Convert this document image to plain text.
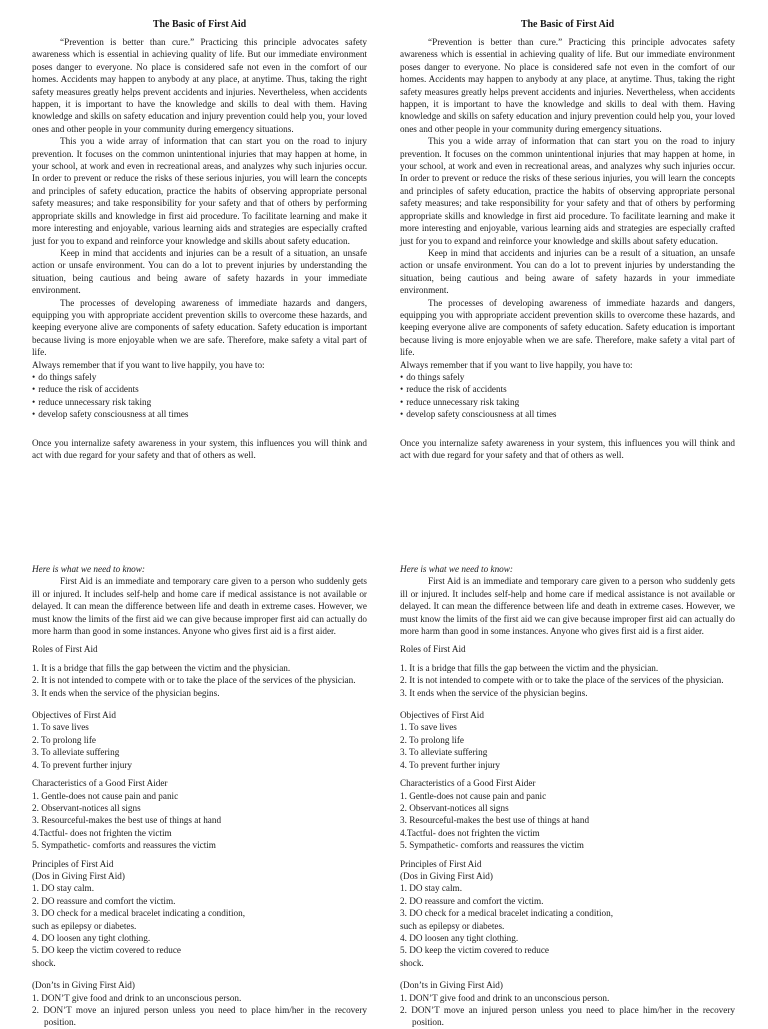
The Basic of First Aid

“Prevention is better than cure.” Practicing this principle advocates safety awareness which is essential in achieving quality of life. But our immediate environment poses danger to everyone. No place is considered safe not even in the comfort of our homes. Accidents may happen to anybody at any place, at anytime. Thus, taking the right safety measures greatly helps prevent accidents and injuries. Nevertheless, when accidents happen, it is important to have the knowledge and skills to deal with them. Having knowledge and skills on safety education and injury prevention could help you, your loved ones and other people in your community during emergency situations.

This you a wide array of information that can start you on the road to injury prevention. It focuses on the common unintentional injuries that may happen at home, in your school, at work and even in recreational areas, and analyzes why such injuries occur. In order to prevent or reduce the risks of these serious injuries, you will learn the concepts and principles of safety education, practice the habits of observing appropriate personal safety measures; and take responsibility for your safety and that of others by performing appropriate skills and knowledge in first aid procedure. To facilitate learning and make it more interesting and enjoyable, various learning aids and strategies are especially crafted just for you to expand and reinforce your knowledge and skills about safety education.

Keep in mind that accidents and injuries can be a result of a situation, an unsafe action or unsafe environment. You can do a lot to prevent injuries by understanding the situation, being cautious and being aware of safety hazards in your immediate environment.

The processes of developing awareness of immediate hazards and dangers, equipping you with appropriate accident prevention skills to overcome these hazards, and keeping everyone alive are components of safety education. Safety education is important because living is more enjoyable when we are safe. Therefore, make safety a vital part of life.

Always remember that if you want to live happily, you have to:

• do things safely
• reduce the risk of accidents
• reduce unnecessary risk taking
• develop safety consciousness at all times

Once you internalize safety awareness in your system, this influences you will think and act with due regard for your safety and that of others as well.

Here is what we need to know:

First Aid is an immediate and temporary care given to a person who suddenly gets ill or injured. It includes self-help and home care if medical assistance is not available or delayed. It can mean the difference between life and death in extreme cases. However, we must know the limits of the first aid we can give because improper first aid can actually do more harm than good in some instances. Anyone who gives first aid is a first aider.

Roles of First Aid
1. It is a bridge that fills the gap between the victim and the physician.
2. It is not intended to compete with or to take the place of the services of the physician.
3. It ends when the service of the physician begins.
Objectives of First Aid
1. To save lives
2. To prolong life
3. To alleviate suffering
4. To prevent further injury
Characteristics of a Good First Aider
1. Gentle-does not cause pain and panic
2. Observant-notices all signs
3. Resourceful-makes the best use of things at hand
4.Tactful- does not frighten the victim
5. Sympathetic- comforts and reassures the victim
Principles of First Aid
(Dos in Giving First Aid)
1. DO stay calm.
2. DO reassure and comfort the victim.
3. DO check for a medical bracelet indicating a condition,
such as epilepsy or diabetes.
4. DO loosen any tight clothing.
5. DO keep the victim covered to reduce
shock.
(Don’ts in Giving First Aid)
1. DON’T give food and drink to an unconscious person.
2. DON’T move an injured person unless you need to place him/her in the recovery position.
The Basic of First Aid

“Prevention is better than cure.” Practicing this principle advocates safety awareness which is essential in achieving quality of life. But our immediate environment poses danger to everyone. No place is considered safe not even in the comfort of our homes. Accidents may happen to anybody at any place, at anytime. Thus, taking the right safety measures greatly helps prevent accidents and injuries. Nevertheless, when accidents happen, it is important to have the knowledge and skills to deal with them. Having knowledge and skills on safety education and injury prevention could help you, your loved ones and other people in your community during emergency situations.

This you a wide array of information that can start you on the road to injury prevention. It focuses on the common unintentional injuries that may happen at home, in your school, at work and even in recreational areas, and analyzes why such injuries occur. In order to prevent or reduce the risks of these serious injuries, you will learn the concepts and principles of safety education, practice the habits of observing appropriate personal safety measures; and take responsibility for your safety and that of others by performing appropriate skills and knowledge in first aid procedure. To facilitate learning and make it more interesting and enjoyable, various learning aids and strategies are especially crafted just for you to expand and reinforce your knowledge and skills about safety education.

Keep in mind that accidents and injuries can be a result of a situation, an unsafe action or unsafe environment. You can do a lot to prevent injuries by understanding the situation, being cautious and being aware of safety hazards in your immediate environment.

The processes of developing awareness of immediate hazards and dangers, equipping you with appropriate accident prevention skills to overcome these hazards, and keeping everyone alive are components of safety education. Safety education is important because living is more enjoyable when we are safe. Therefore, make safety a vital part of life.

Always remember that if you want to live happily, you have to:

• do things safely
• reduce the risk of accidents
• reduce unnecessary risk taking
• develop safety consciousness at all times

Once you internalize safety awareness in your system, this influences you will think and act with due regard for your safety and that of others as well.

Here is what we need to know:

First Aid is an immediate and temporary care given to a person who suddenly gets ill or injured. It includes self-help and home care if medical assistance is not available or delayed. It can mean the difference between life and death in extreme cases. However, we must know the limits of the first aid we can give because improper first aid can actually do more harm than good in some instances. Anyone who gives first aid is a first aider.

Roles of First Aid
1. It is a bridge that fills the gap between the victim and the physician.
2. It is not intended to compete with or to take the place of the services of the physician.
3. It ends when the service of the physician begins.
Objectives of First Aid
1. To save lives
2. To prolong life
3. To alleviate suffering
4. To prevent further injury
Characteristics of a Good First Aider
1. Gentle-does not cause pain and panic
2. Observant-notices all signs
3. Resourceful-makes the best use of things at hand
4.Tactful- does not frighten the victim
5. Sympathetic- comforts and reassures the victim
Principles of First Aid
(Dos in Giving First Aid)
1. DO stay calm.
2. DO reassure and comfort the victim.
3. DO check for a medical bracelet indicating a condition,
such as epilepsy or diabetes.
4. DO loosen any tight clothing.
5. DO keep the victim covered to reduce
shock.
(Don’ts in Giving First Aid)
1. DON’T give food and drink to an unconscious person.
2. DON’T move an injured person unless you need to place him/her in the recovery position.
